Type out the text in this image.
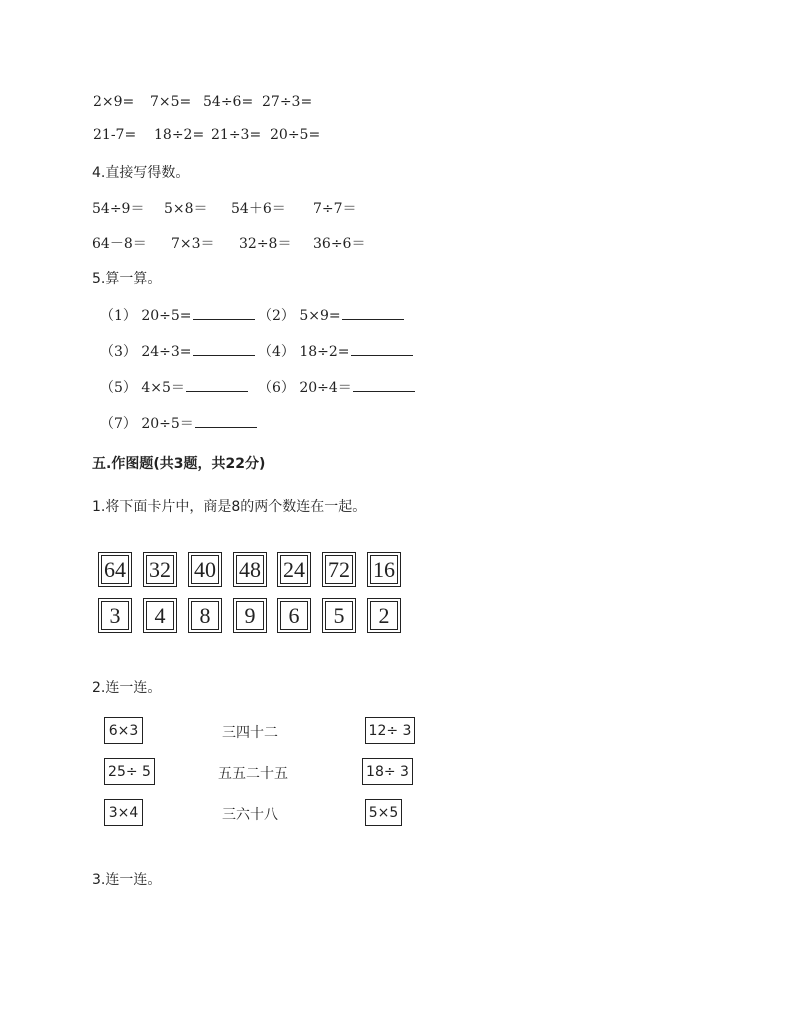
2×9= 7×5= 54÷6= 27÷3=
21-7= 18÷2= 21÷3= 20÷5=
4.直接写得数。
54÷9＝ 5×8＝ 54＋6＝ 7÷7＝
64－8＝ 7×3＝ 32÷8＝ 36÷6＝
5.算一算。
（1） 20÷5=	（2） 5×9=
（3） 24÷3=	（4） 18÷2=
（5） 4×5＝	（6） 20÷4＝
（7） 20÷5＝
五.作图题(共3题，共22分)
1.将下面卡片中，商是8的两个数连在一起。
64 32 40 48 24 72 16
3 4 8 9 6 5 2
2.连一连。
6×3
25÷ 5
3×4
三四十二
五五二十五
三六十八
12÷ 3
18÷ 3
5×5
3.连一连。
